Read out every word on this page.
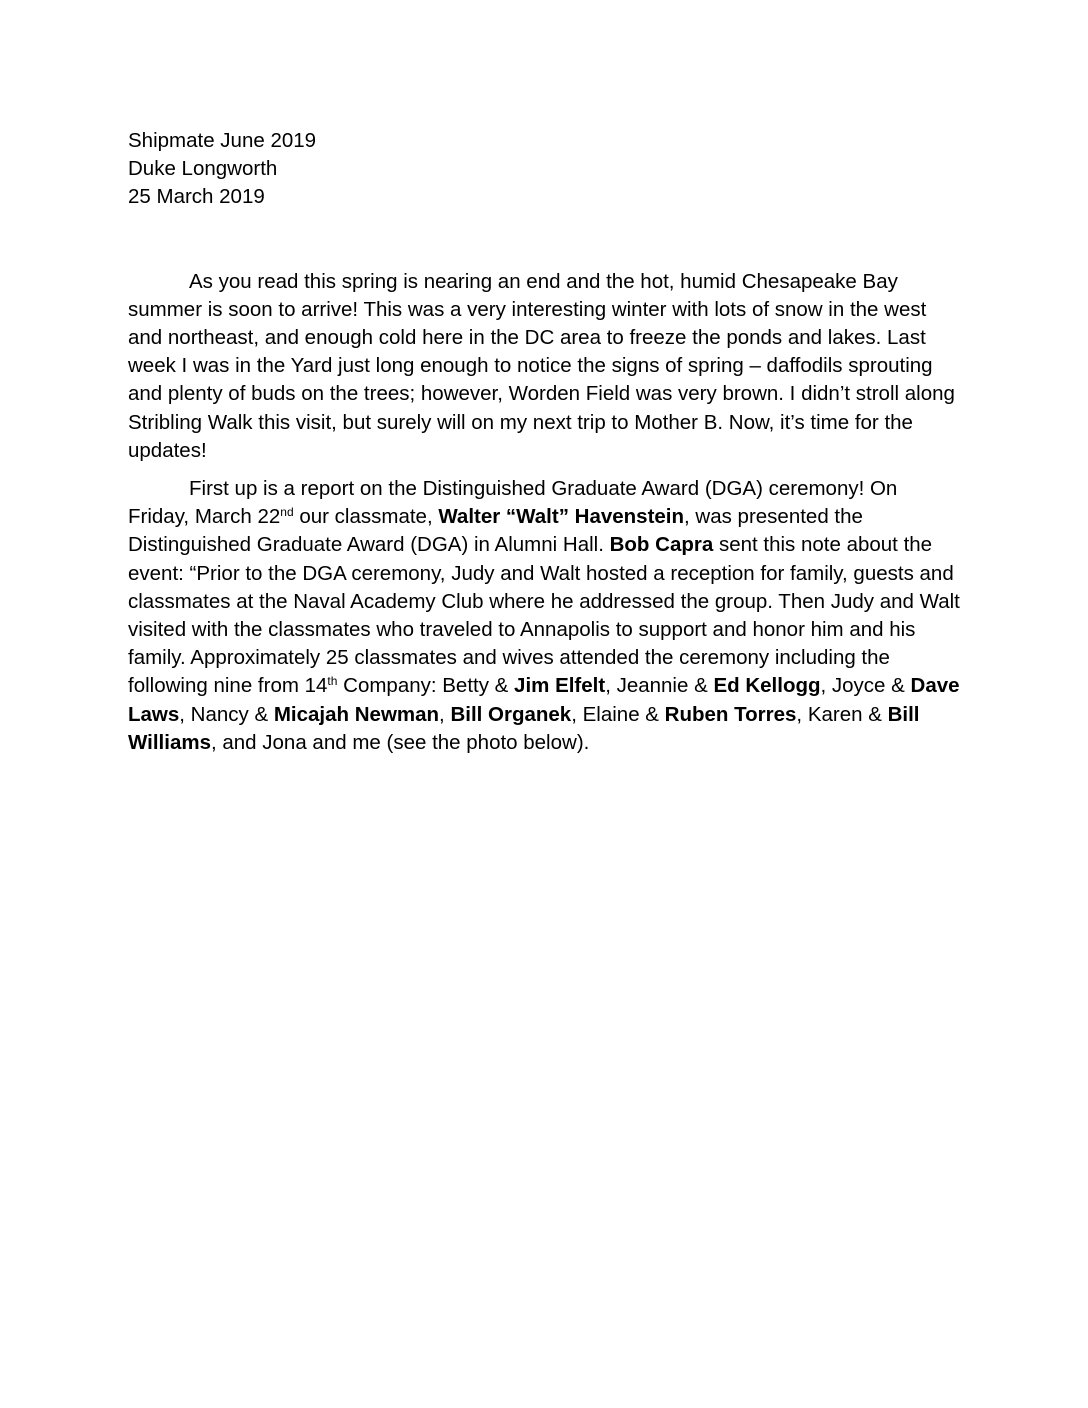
Shipmate June 2019
Duke Longworth
25 March 2019

As you read this spring is nearing an end and the hot, humid Chesapeake Bay summer is soon to arrive! This was a very interesting winter with lots of snow in the west and northeast, and enough cold here in the DC area to freeze the ponds and lakes. Last week I was in the Yard just long enough to notice the signs of spring – daffodils sprouting and plenty of buds on the trees; however, Worden Field was very brown. I didn’t stroll along Stribling Walk this visit, but surely will on my next trip to Mother B. Now, it’s time for the updates!

First up is a report on the Distinguished Graduate Award (DGA) ceremony! On Friday, March 22nd our classmate, Walter “Walt” Havenstein, was presented the Distinguished Graduate Award (DGA) in Alumni Hall. Bob Capra sent this note about the event: “Prior to the DGA ceremony, Judy and Walt hosted a reception for family, guests and classmates at the Naval Academy Club where he addressed the group. Then Judy and Walt visited with the classmates who traveled to Annapolis to support and honor him and his family. Approximately 25 classmates and wives attended the ceremony including the following nine from 14th Company: Betty & Jim Elfelt, Jeannie & Ed Kellogg, Joyce & Dave Laws, Nancy & Micajah Newman, Bill Organek, Elaine & Ruben Torres, Karen & Bill Williams, and Jona and me (see the photo below).
